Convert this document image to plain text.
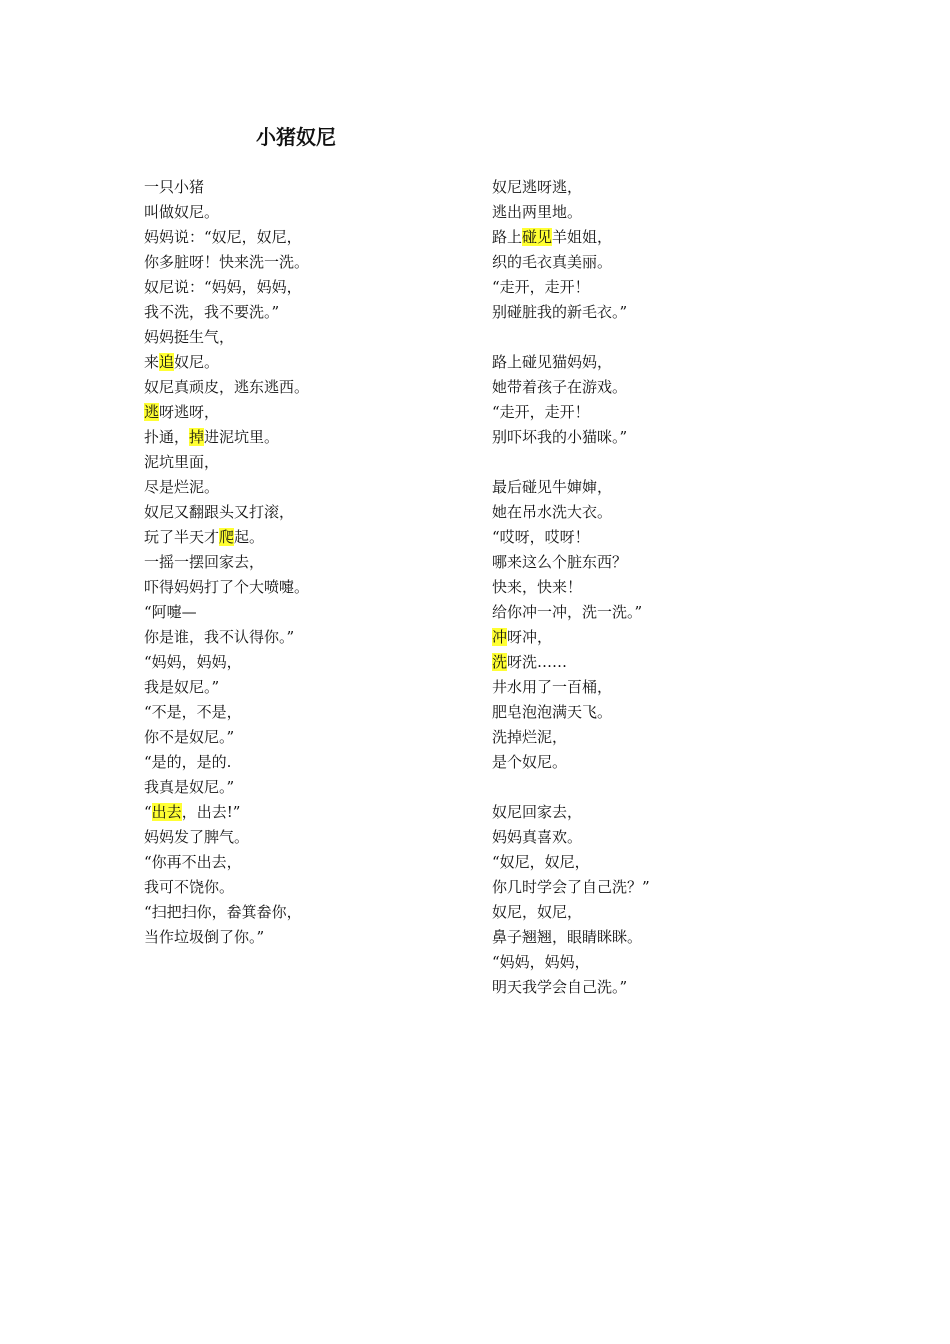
小猪奴尼
一只小猪
叫做奴尼。
妈妈说：“奴尼，奴尼，
你多脏呀！快来洗一洗。
奴尼说：“妈妈，妈妈，
我不洗，我不要洗。”
妈妈挺生气，
来追奴尼。
奴尼真顽皮，逃东逃西。
逃呀逃呀，
扑通，掉进泥坑里。
泥坑里面，
尽是烂泥。
奴尼又翻跟头又打滚，
玩了半天才爬起。
一摇一摆回家去，
吓得妈妈打了个大喷嚏。
“阿嚏—
你是谁，我不认得你。”
“妈妈，妈妈，
我是奴尼。”
“不是，不是，
你不是奴尼。”
“是的，是的.
我真是奴尼。”
“出去，出去!”
妈妈发了脾气。
“你再不出去，
我可不饶你。
“扫把扫你，畚箕畚你，
当作垃圾倒了你。”
奴尼逃呀逃，
逃出两里地。
路上碰见羊姐姐，
织的毛衣真美丽。
“走开，走开！
别碰脏我的新毛衣。”
路上碰见猫妈妈，
她带着孩子在游戏。
“走开，走开！
别吓坏我的小猫咪。”
最后碰见牛婶婶，
她在吊水洗大衣。
“哎呀，哎呀！
哪来这么个脏东西？
快来，快来！
给你冲一冲，洗一洗。”
冲呀冲，
洗呀洗……
井水用了一百桶，
肥皂泡泡满天飞。
洗掉烂泥，
是个奴尼。
奴尼回家去，
妈妈真喜欢。
“奴尼，奴尼，
你几时学会了自己洗？”
奴尼，奴尼，
鼻子翘翘，眼睛眯眯。
“妈妈，妈妈，
明天我学会自己洗。”
